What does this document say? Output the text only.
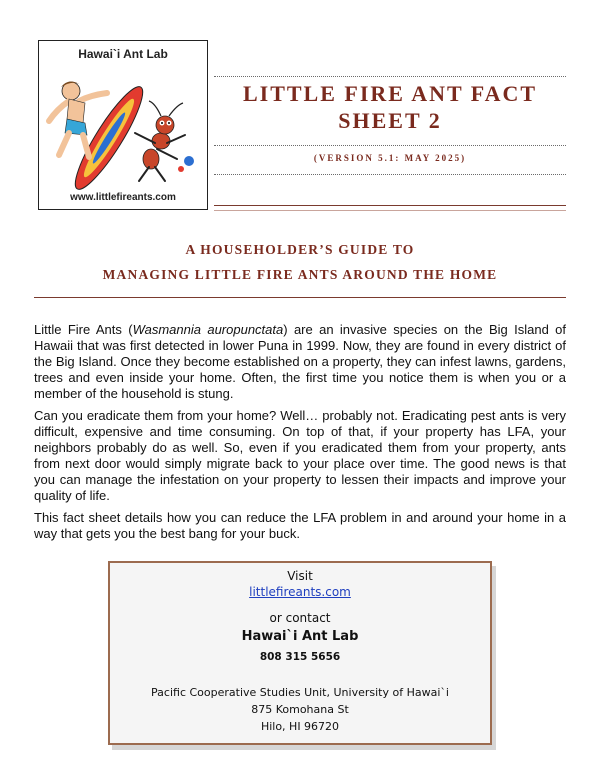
Hawai`i Ant Lab
www.littlefireants.com
LITTLE FIRE ANT FACT
SHEET 2
(VERSION 5.1: MAY 2025)
A HOUSEHOLDER’S GUIDE TO
MANAGING LITTLE FIRE ANTS AROUND THE HOME

Little Fire Ants (Wasmannia auropunctata) are an invasive species on the Big Island of Hawaii that was first detected in lower Puna in 1999. Now, they are found in every district of the Big Island. Once they become established on a property, they can infest lawns, gardens, trees and even inside your home. Often, the first time you notice them is when you or a member of the household is stung.

Can you eradicate them from your home? Well… probably not. Eradicating pest ants is very difficult, expensive and time consuming. On top of that, if your property has LFA, your neighbors probably do as well. So, even if you eradicated them from your property, ants from next door would simply migrate back to your place over time. The good news is that you can manage the infestation on your property to lessen their impacts and improve your quality of life.

This fact sheet details how you can reduce the LFA problem in and around your home in a way that gets you the best bang for your buck.

Visit
littlefireants.com
or contact
Hawai`i Ant Lab
808 315 5656
Pacific Cooperative Studies Unit, University of Hawai`i
875 Komohana St
Hilo, HI 96720
